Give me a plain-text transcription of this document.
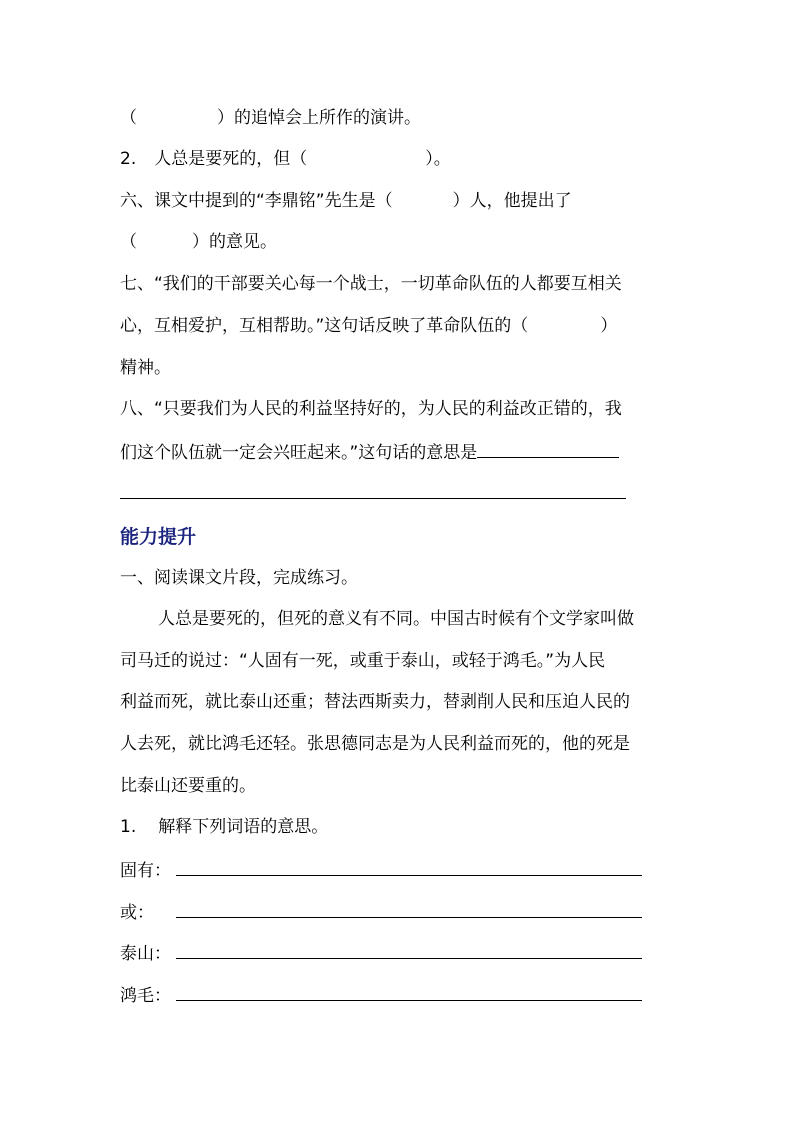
（	）的追悼会上所作的演讲。
2. 人总是要死的，但（	）。
六、课文中提到的“李鼎铭”先生是（	）人，他提出了
（	）的意见。
七、“我们的干部要关心每一个战士，一切革命队伍的人都要互相关
心，互相爱护，互相帮助。”这句话反映了革命队伍的（	）
精神。
八、“只要我们为人民的利益坚持好的，为人民的利益改正错的，我
们这个队伍就一定会兴旺起来。”这句话的意思是
能力提升
一、阅读课文片段，完成练习。
人总是要死的，但死的意义有不同。中国古时候有个文学家叫做
司马迁的说过：“人固有一死，或重于泰山，或轻于鸿毛。”为人民
利益而死，就比泰山还重；替法西斯卖力，替剥削人民和压迫人民的
人去死，就比鸿毛还轻。张思德同志是为人民利益而死的，他的死是
比泰山还要重的。
1. 解释下列词语的意思。
固有：
或：
泰山：
鸿毛：
